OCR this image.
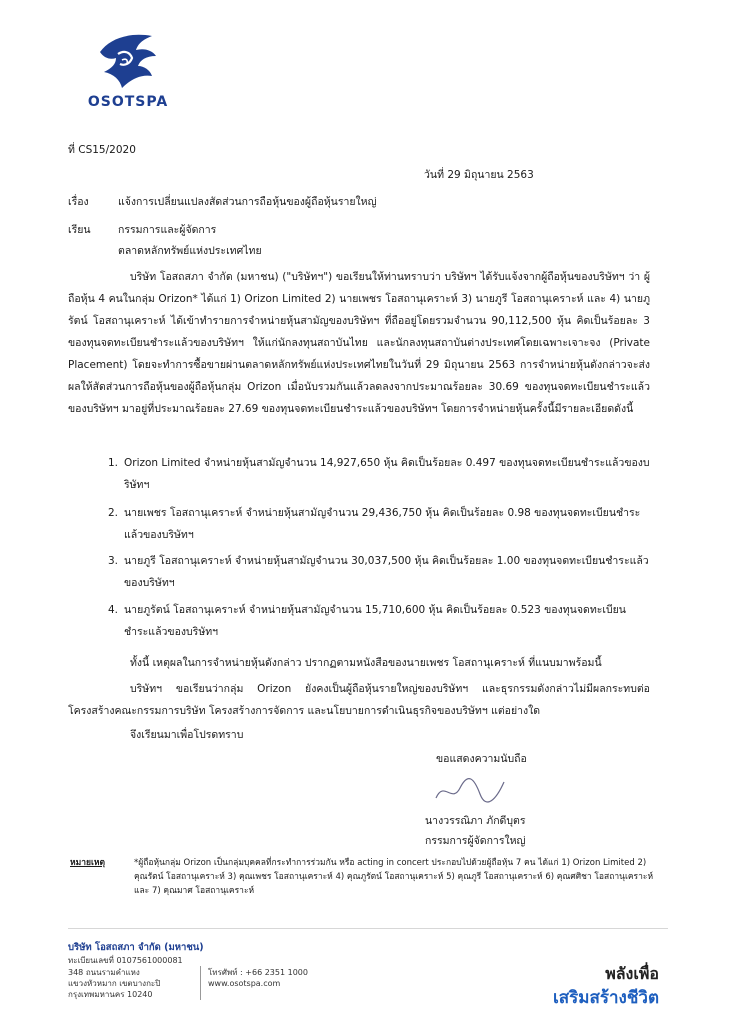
OSOTSPA
ที่ CS15/2020
วันที่ 29 มิถุนายน 2563
เรื่อง	แจ้งการเปลี่ยนแปลงสัดส่วนการถือหุ้นของผู้ถือหุ้นรายใหญ่
เรียน	กรรมการและผู้จัดการ
ตลาดหลักทรัพย์แห่งประเทศไทย
บริษัท โอสถสภา จำกัด (มหาชน) ("บริษัทฯ") ขอเรียนให้ท่านทราบว่า บริษัทฯ ได้รับแจ้งจากผู้ถือหุ้นของบริษัทฯ ว่า ผู้ถือหุ้น 4 คนในกลุ่ม Orizon* ได้แก่ 1) Orizon Limited 2) นายเพชร โอสถานุเคราะห์ 3) นายภูรี โอสถานุเคราะห์ และ 4) นายภูรัตน์ โอสถานุเคราะห์ ได้เข้าทำรายการจำหน่ายหุ้นสามัญของบริษัทฯ ที่ถืออยู่โดยรวมจำนวน 90,112,500 หุ้น คิดเป็นร้อยละ 3 ของทุนจดทะเบียนชำระแล้วของบริษัทฯ ให้แก่นักลงทุนสถาบันไทย และนักลงทุนสถาบันต่างประเทศโดยเฉพาะเจาะจง (Private Placement) โดยจะทำการซื้อขายผ่านตลาดหลักทรัพย์แห่งประเทศไทยในวันที่ 29 มิถุนายน 2563 การจำหน่ายหุ้นดังกล่าวจะส่งผลให้สัดส่วนการถือหุ้นของผู้ถือหุ้นกลุ่ม Orizon เมื่อนับรวมกันแล้วลดลงจากประมาณร้อยละ 30.69 ของทุนจดทะเบียนชำระแล้วของบริษัทฯ มาอยู่ที่ประมาณร้อยละ 27.69 ของทุนจดทะเบียนชำระแล้วของบริษัทฯ โดยการจำหน่ายหุ้นครั้งนี้มีรายละเอียดดังนี้
1. Orizon Limited จำหน่ายหุ้นสามัญจำนวน 14,927,650 หุ้น คิดเป็นร้อยละ 0.497 ของทุนจดทะเบียนชำระแล้วของบริษัทฯ
2. นายเพชร โอสถานุเคราะห์ จำหน่ายหุ้นสามัญจำนวน 29,436,750 หุ้น คิดเป็นร้อยละ 0.98 ของทุนจดทะเบียนชำระแล้วของบริษัทฯ
3. นายภูรี โอสถานุเคราะห์ จำหน่ายหุ้นสามัญจำนวน 30,037,500 หุ้น คิดเป็นร้อยละ 1.00 ของทุนจดทะเบียนชำระแล้วของบริษัทฯ
4. นายภูรัตน์ โอสถานุเคราะห์ จำหน่ายหุ้นสามัญจำนวน 15,710,600 หุ้น คิดเป็นร้อยละ 0.523 ของทุนจดทะเบียนชำระแล้วของบริษัทฯ
ทั้งนี้ เหตุผลในการจำหน่ายหุ้นดังกล่าว ปรากฏตามหนังสือของนายเพชร โอสถานุเคราะห์ ที่แนบมาพร้อมนี้
บริษัทฯ ขอเรียนว่ากลุ่ม Orizon ยังคงเป็นผู้ถือหุ้นรายใหญ่ของบริษัทฯ และธุรกรรมดังกล่าวไม่มีผลกระทบต่อโครงสร้างคณะกรรมการบริษัท โครงสร้างการจัดการ และนโยบายการดำเนินธุรกิจของบริษัทฯ แต่อย่างใด
จึงเรียนมาเพื่อโปรดทราบ
ขอแสดงความนับถือ
นางวรรณิภา ภักดีบุตร
กรรมการผู้จัดการใหญ่
หมายเหตุ	*ผู้ถือหุ้นกลุ่ม Orizon เป็นกลุ่มบุคคลที่กระทำการร่วมกัน หรือ acting in concert ประกอบไปด้วยผู้ถือหุ้น 7 คน ได้แก่ 1) Orizon Limited 2) คุณรัตน์ โอสถานุเคราะห์ 3) คุณเพชร โอสถานุเคราะห์ 4) คุณภูรัตน์ โอสถานุเคราะห์ 5) คุณภูรี โอสถานุเคราะห์ 6) คุณศศิชา โอสถานุเคราะห์ และ 7) คุณมาศ โอสถานุเคราะห์
บริษัท โอสถสภา จำกัด (มหาชน)
ทะเบียนเลขที่ 0107561000081
348 ถนนรามคำแหง
แขวงหัวหมาก เขตบางกะปิ
กรุงเทพมหานคร 10240
โทรศัพท์ : +66 2351 1000
www.osotspa.com
พลังเพื่อ
เสริมสร้างชีวิต
